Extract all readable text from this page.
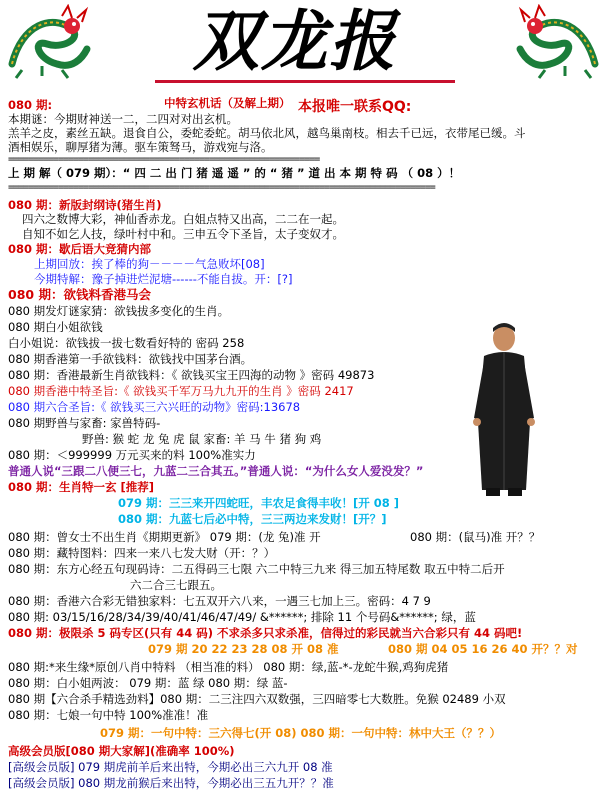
双龙报
080 期:	中特玄机话（及解上期） 本报唯一联系QQ:
本期谜：今期财神送一二，二四对对出玄机。
羔羊之皮，素丝五缺。退食自公，委蛇委蛇。胡马依北风，越鸟巢南枝。相去千已远，衣带尾已缓。斗
酒相娱乐，聊厚猪为薄。驱车策驽马，游戏宛与洛。
上 期 解（ 079 期）：“ 四 二 出 门 猪 遥 遥 ” 的 “ 猪 ” 道 出 本 期 特 码 （ 08 ）！
080 期：新版封纲诗(猪生肖)
四六之数博大彩，神仙香赤龙。白姐点特又出高，二二在一起。
自知不如乞人技，绿叶村中和。三申五令下圣旨，太子变奴才。
080 期：歇后语大竞猜内部
上期回放：挨了棒的狗－－－－气急败坏[08]
今期特解：豫子掉进烂泥塘------不能自拔。开：[?]
080 期：欲钱料香港马会
080 期发灯谜家猜：欲钱拔多变化的生肖。
080 期白小姐欲钱
白小姐说：欲钱拔一拔七数看好特的 密码 258
080 期香港第一手欲钱料：欲钱找中国茅台酒。
080 期：香港最新生肖欲钱料：《 欲钱买宝王四海的动物 》密码 49873
080 期香港中特圣旨:《 欲钱买千军万马九九开的生肖 》密码 2417
080 期六合圣旨:《 欲钱买三六兴旺的动物》密码:13678
080 期野兽与家畜: 家兽特码-
野兽: 猴 蛇 龙 兔 虎 鼠 家畜: 羊 马 牛 猪 狗 鸡
080 期：＜999999 万元买来的料 100%准实力
普通人说“三跟二八便三七，九蓝二三合其五。”普通人说：“为什么女人爱没发？”
080 期：生肖特一玄 [推荐]
079 期：三三来开四蛇旺，丰农足食得丰收！[开 08 ]
080 期：九蓝七后必中特，三三两边来发财！[开？]
080 期：曾女士不出生肖《期期更新》 079 期：(龙 兔)准 开	080 期：(鼠马)准 开？？
080 期：藏特图料：四来一来八七发大财（开：？）
080 期：东方心经五句现码诗：二五得码三七限 六二中特三九来 得三加五特尾数 取五中特二后开
六二合三七跟五。
080 期：香港六合彩无错独家料：七五双开六八来，一遇三七加上三。密码：4 7 9
080 期: 03/15/16/28/34/39/40/41/46/47/49/ &******; 排除 11 个号码&******; 绿，蓝
080 期：极限杀 5 码专区(只有 44 码) 不求杀多只求杀准，信得过的彩民就当六合彩只有 44 码吧!
079 期 20 22 23 28 08 开 08 准	080 期 04 05 16 26 40 开？？对
080 期:*来生缘*原创八肖中特料 （相当准的料） 080 期：绿,蓝-*-龙蛇牛猴,鸡狗虎猪
080 期：白小姐两波： 079 期：蓝 绿 080 期：绿 蓝-
080 期【六合杀手精选劲料】080 期：二三注四六双数强，三四暗零七大数胜。免猴 02489 小双
080 期：七娘一句中特 100%准准！准
079 期：一句中特：三六得七(开 08) 080 期：一句中特：林中大王（？？）
高级会员版[080 期大家解](准确率 100%)
[高级会员版] 079 期虎前羊后来出特，今期必出三六九开 08 准
[高级会员版] 080 期龙前猴后来出特，今期必出三五九开？？准
==============================================================
=====================================================================================
